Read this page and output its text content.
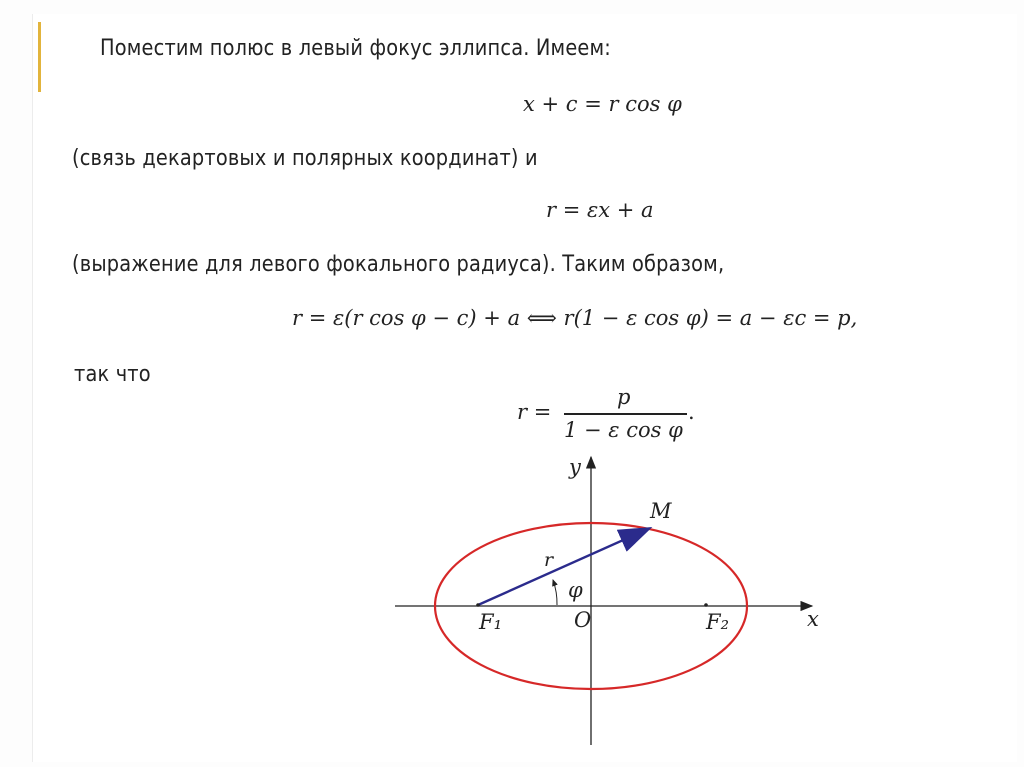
Поместим полюс в левый фокус эллипса. Имеем:
x + c = r cos φ
(связь декартовых и полярных координат) и
r = εx + a
(выражение для левого фокального радиуса). Таким образом,
r = ε(r cos φ − c) + a ⟺ r(1 − ε cos φ) = a − εc = p,
так что
r =
p
1 − ε cos φ
.
x
y
O
F₁	F₂
M
r
φ
